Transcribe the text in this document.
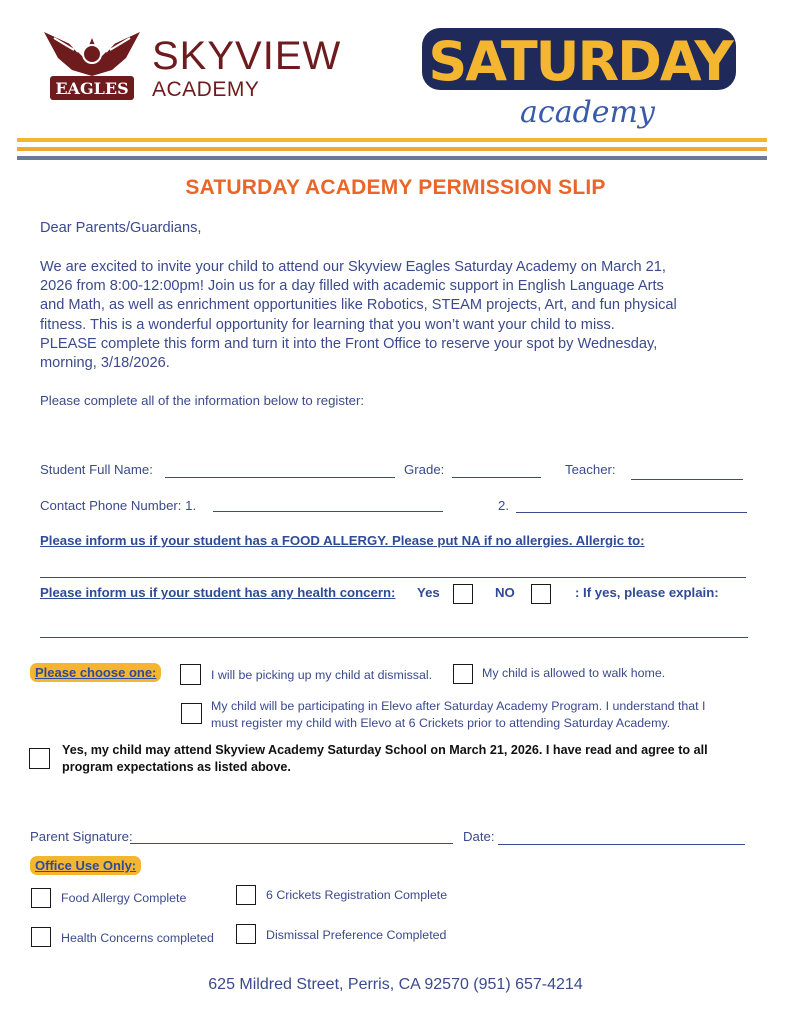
EAGLES
SKYVIEW
ACADEMY	SATURDAY
academy
SATURDAY ACADEMY PERMISSION SLIP
Dear Parents/Guardians,
We are excited to invite your child to attend our Skyview Eagles Saturday Academy on March 21,
2026 from 8:00-12:00pm! Join us for a day filled with academic support in English Language Arts
and Math, as well as enrichment opportunities like Robotics, STEAM projects, Art, and fun physical
fitness. This is a wonderful opportunity for learning that you won’t want your child to miss.
PLEASE complete this form and turn it into the Front Office to reserve your spot by Wednesday,
morning, 3/18/2026.
Please complete all of the information below to register:
Student Full Name:	Grade:	Teacher:
Contact Phone Number: 1.	2.
Please inform us if your student has a FOOD ALLERGY. Please put NA if no allergies. Allergic to:
Please inform us if your student has any health concern: Yes	NO	: If yes, please explain:
Please choose one:	I will be picking up my child at dismissal.	My child is allowed to walk home.
My child will be participating in Elevo after Saturday Academy Program. I understand that I
must register my child with Elevo at 6 Crickets prior to attending Saturday Academy.
Yes, my child may attend Skyview Academy Saturday School on March 21, 2026. I have read and agree to all
program expectations as listed above.
Parent Signature:	Date:
Office Use Only:
Food Allergy Complete	6 Crickets Registration Complete
Health Concerns completed	Dismissal Preference Completed
625 Mildred Street, Perris, CA 92570 (951) 657-4214
